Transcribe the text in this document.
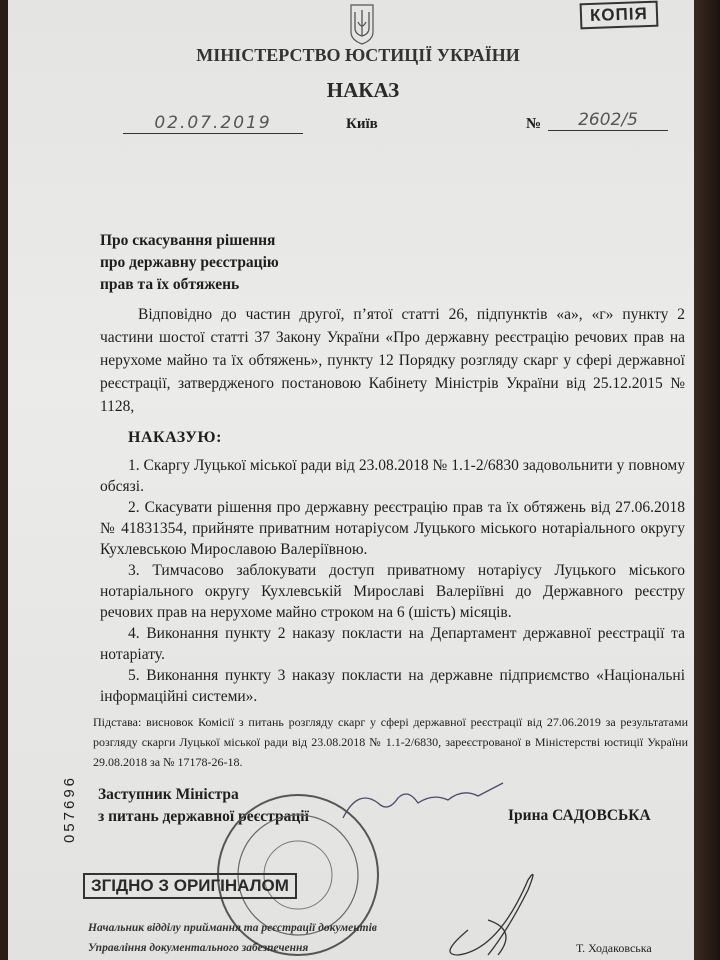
КОПІЯ
МІНІСТЕРСТВО ЮСТИЦІЇ УКРАЇНИ
НАКАЗ
02.07.2019	Київ	№	2602/5
Про скасування рішення
про державну реєстрацію
прав та їх обтяжень

Відповідно до частин другої, п’ятої статті 26, підпунктів «а», «г» пункту 2 частини шостої статті 37 Закону України «Про державну реєстрацію речових прав на нерухоме майно та їх обтяжень», пункту 12 Порядку розгляду скарг у сфері державної реєстрації, затвердженого постановою Кабінету Міністрів України від 25.12.2015 № 1128,

НАКАЗУЮ:

1. Скаргу Луцької міської ради від 23.08.2018 № 1.1-2/6830 задовольнити у повному обсязі.

2. Скасувати рішення про державну реєстрацію прав та їх обтяжень від 27.06.2018 № 41831354, прийняте приватним нотаріусом Луцького міського нотаріального округу Кухлевською Мирославою Валеріївною.

3. Тимчасово заблокувати доступ приватному нотаріусу Луцького міського нотаріального округу Кухлевській Мирославі Валеріївні до Державного реєстру речових прав на нерухоме майно строком на 6 (шість) місяців.

4. Виконання пункту 2 наказу покласти на Департамент державної реєстрації та нотаріату.

5. Виконання пункту 3 наказу покласти на державне підприємство «Національні інформаційні системи».

Підстава: висновок Комісії з питань розгляду скарг у сфері державної реєстрації від 27.06.2019 за результатами розгляду скарги Луцької міської ради від 23.08.2018 № 1.1-2/6830, зареєстрованої в Міністерстві юстиції України 29.08.2018 за № 17178-26-18.

057696 Заступник Міністра
з питань державної реєстрації	Ірина САДОВСЬКА
ЗГІДНО З ОРИГІНАЛОМ
Начальник відділу приймання та реєстрації документів
Управління документального забезпечення	Т. Ходаковська
